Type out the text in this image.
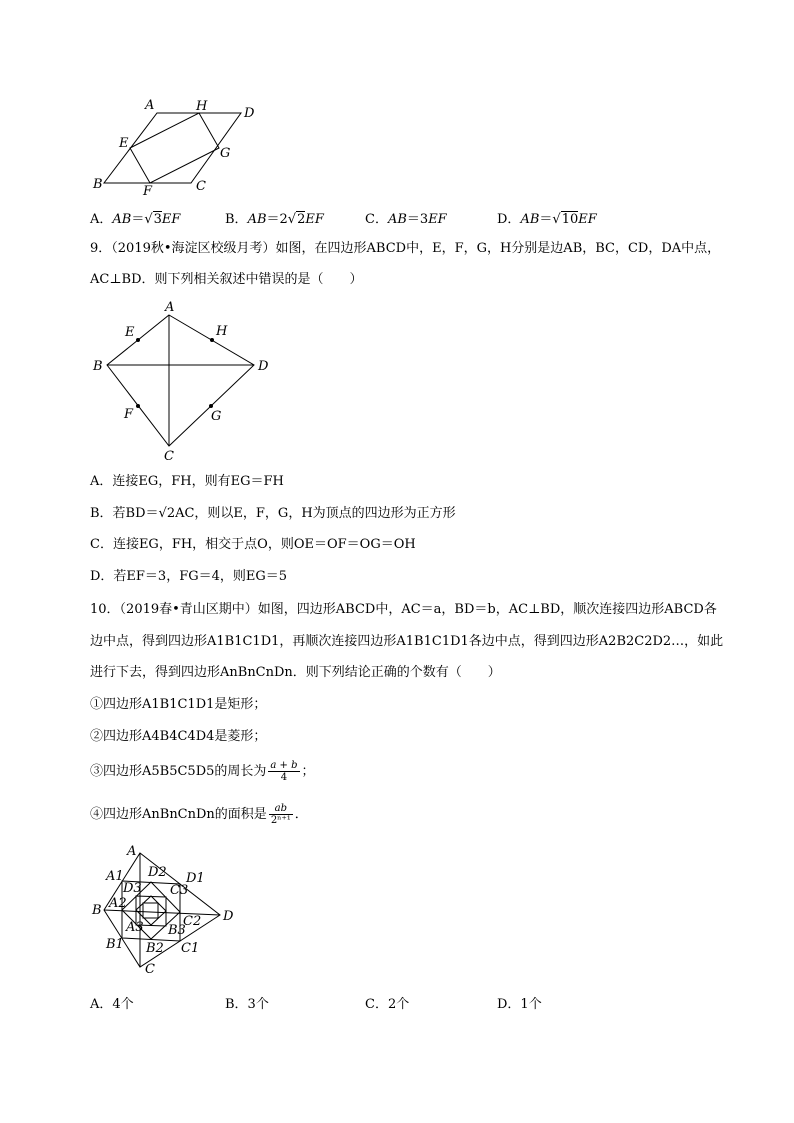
A	H	D
E
G
B	F	C
A．AB＝√3EF	B．AB＝2√2EF	C．AB＝3EF	D．AB＝√10EF
9．（2019秋•海淀区校级月考）如图，在四边形ABCD中，E，F，G，H分别是边AB，BC，CD，DA中点，
AC⊥BD．则下列相关叙述中错误的是（　　）
A
E	H
B	D
F	G
C
A．连接EG，FH，则有EG＝FH
B．若BD＝√2AC，则以E，F，G，H为顶点的四边形为正方形
C．连接EG，FH，相交于点O，则OE＝OF＝OG＝OH
D．若EF＝3，FG＝4，则EG＝5
10．（2019春•青山区期中）如图，四边形ABCD中，AC＝a，BD＝b，AC⊥BD，顺次连接四边形ABCD各
边中点，得到四边形A1B1C1D1，再顺次连接四边形A1B1C1D1各边中点，得到四边形A2B2C2D2…，如此
进行下去，得到四边形AnBnCnDn．则下列结论正确的个数有（　　）
①四边形A1B1C1D1是矩形；
②四边形A4B4C4D4是菱形；
③四边形A5B5C5D5的周长为 $\frac{a + b}{4}$ ；
④四边形AnBnCnDn的面积是 $\frac{ab}{\text{2ⁿ⁺¹}}$ ．
A
A1 D2 D1
D3 C3
B A2
C2 D
A3 B3
B1 B2 C1
C
A．4个	B．3个	C．2个	D．1个
